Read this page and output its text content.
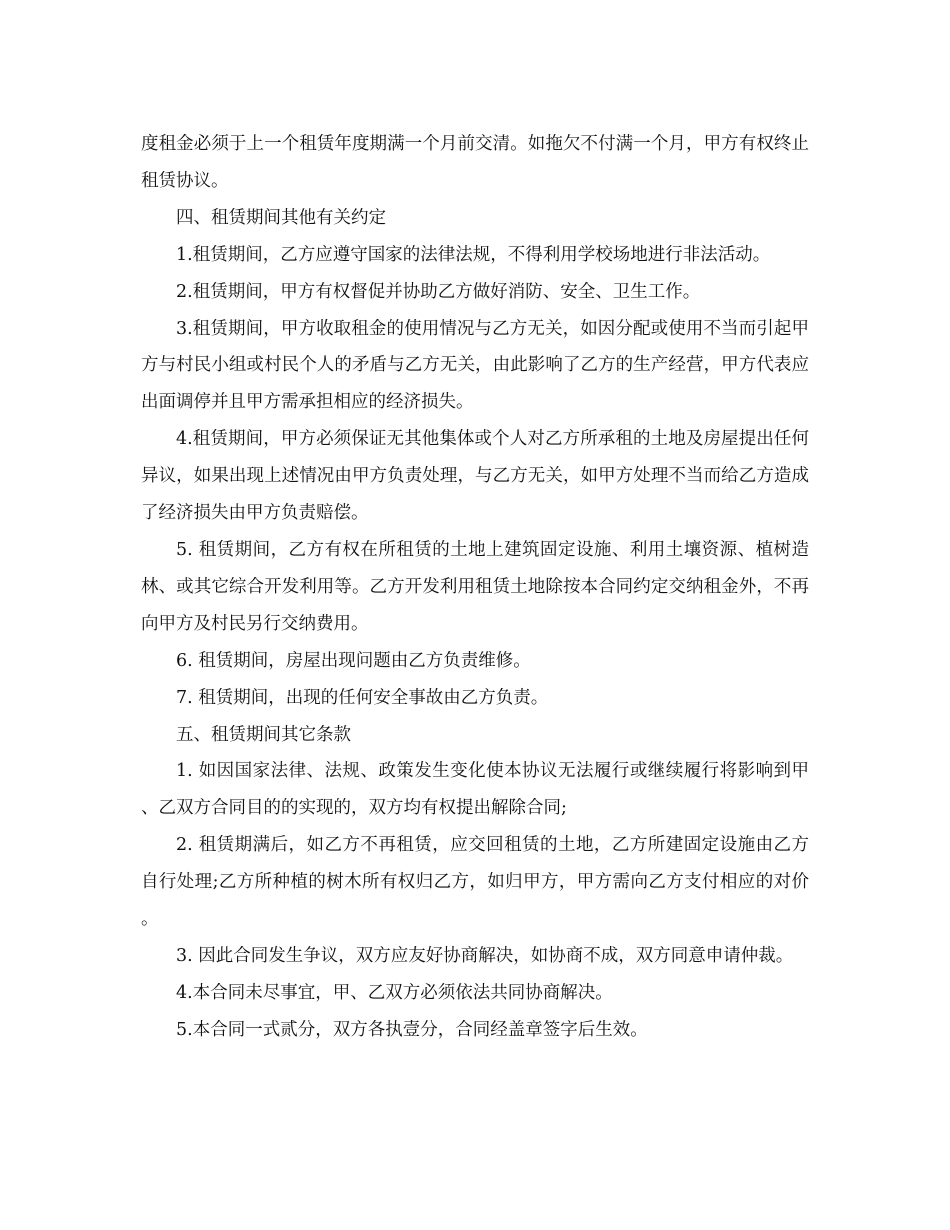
度租金必须于上一个租赁年度期满一个月前交清。如拖欠不付满一个月，甲方有权终止租赁协议。

四、租赁期间其他有关约定

1.租赁期间，乙方应遵守国家的法律法规，不得利用学校场地进行非法活动。

2.租赁期间，甲方有权督促并协助乙方做好消防、安全、卫生工作。

3.租赁期间，甲方收取租金的使用情况与乙方无关，如因分配或使用不当而引起甲方与村民小组或村民个人的矛盾与乙方无关，由此影响了乙方的生产经营，甲方代表应出面调停并且甲方需承担相应的经济损失。

4.租赁期间，甲方必须保证无其他集体或个人对乙方所承租的土地及房屋提出任何异议，如果出现上述情况由甲方负责处理，与乙方无关，如甲方处理不当而给乙方造成了经济损失由甲方负责赔偿。

5. 租赁期间，乙方有权在所租赁的土地上建筑固定设施、利用土壤资源、植树造林、或其它综合开发利用等。乙方开发利用租赁土地除按本合同约定交纳租金外，不再向甲方及村民另行交纳费用。

6. 租赁期间，房屋出现问题由乙方负责维修。

7. 租赁期间，出现的任何安全事故由乙方负责。

五、租赁期间其它条款

1. 如因国家法律、法规、政策发生变化使本协议无法履行或继续履行将影响到甲、乙双方合同目的的实现的，双方均有权提出解除合同;

2. 租赁期满后，如乙方不再租赁，应交回租赁的土地，乙方所建固定设施由乙方自行处理;乙方所种植的树木所有权归乙方，如归甲方，甲方需向乙方支付相应的对价。

3. 因此合同发生争议，双方应友好协商解决，如协商不成，双方同意申请仲裁。

4.本合同未尽事宜，甲、乙双方必须依法共同协商解决。

5.本合同一式贰分，双方各执壹分，合同经盖章签字后生效。
